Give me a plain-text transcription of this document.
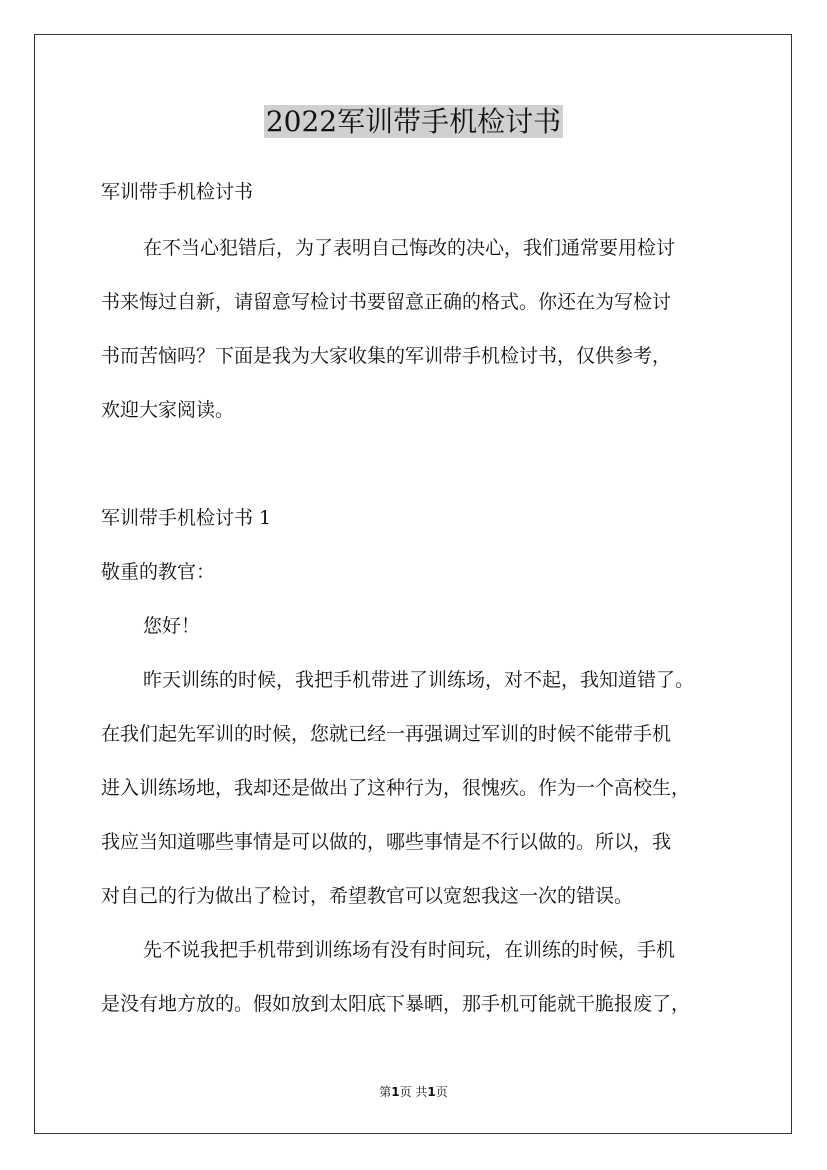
2022军训带手机检讨书

军训带手机检讨书

在不当心犯错后，为了表明自己悔改的决心，我们通常要用检讨

书来悔过自新，请留意写检讨书要留意正确的格式。你还在为写检讨

书而苦恼吗？下面是我为大家收集的军训带手机检讨书，仅供参考，

欢迎大家阅读。

军训带手机检讨书 1

敬重的教官：

您好！

昨天训练的时候，我把手机带进了训练场，对不起，我知道错了。

在我们起先军训的时候，您就已经一再强调过军训的时候不能带手机

进入训练场地，我却还是做出了这种行为，很愧疚。作为一个高校生，

我应当知道哪些事情是可以做的，哪些事情是不行以做的。所以，我

对自己的行为做出了检讨，希望教官可以宽恕我这一次的错误。

先不说我把手机带到训练场有没有时间玩，在训练的时候，手机

是没有地方放的。假如放到太阳底下暴晒，那手机可能就干脆报废了，

第1页 共1页
